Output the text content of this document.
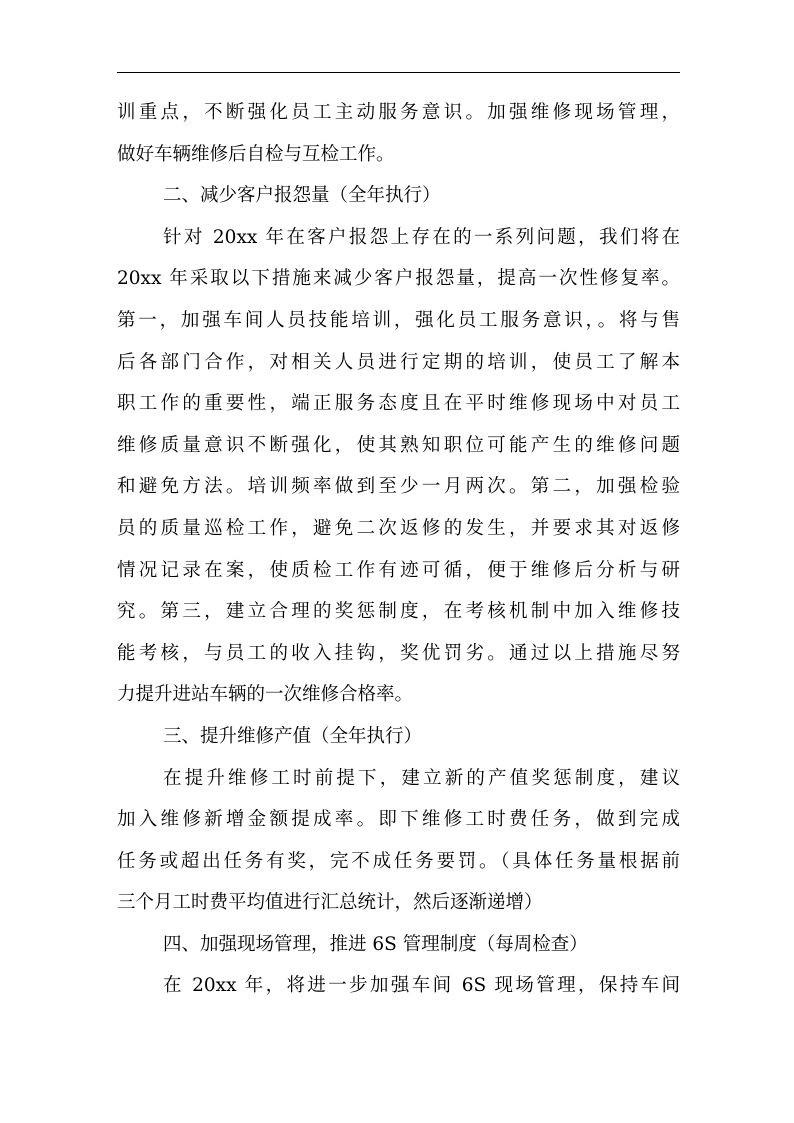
训重点，不断强化员工主动服务意识。加强维修现场管理，
做好车辆维修后自检与互检工作。
二、减少客户报怨量（全年执行）
针对 20xx 年在客户报怨上存在的一系列问题，我们将在
20xx 年采取以下措施来减少客户报怨量，提高一次性修复率。
第一，加强车间人员技能培训，强化员工服务意识，。将与售
后各部门合作，对相关人员进行定期的培训，使员工了解本
职工作的重要性，端正服务态度且在平时维修现场中对员工
维修质量意识不断强化，使其熟知职位可能产生的维修问题
和避免方法。培训频率做到至少一月两次。第二，加强检验
员的质量巡检工作，避免二次返修的发生，并要求其对返修
情况记录在案，使质检工作有迹可循，便于维修后分析与研
究。第三，建立合理的奖惩制度，在考核机制中加入维修技
能考核，与员工的收入挂钩，奖优罚劣。通过以上措施尽努
力提升进站车辆的一次维修合格率。
三、提升维修产值（全年执行）
在提升维修工时前提下，建立新的产值奖惩制度，建议
加入维修新增金额提成率。即下维修工时费任务，做到完成
任务或超出任务有奖，完不成任务要罚。（具体任务量根据前
三个月工时费平均值进行汇总统计，然后逐渐递增）
四、加强现场管理，推进 6S 管理制度（每周检查）
在 20xx 年，将进一步加强车间 6S 现场管理，保持车间
